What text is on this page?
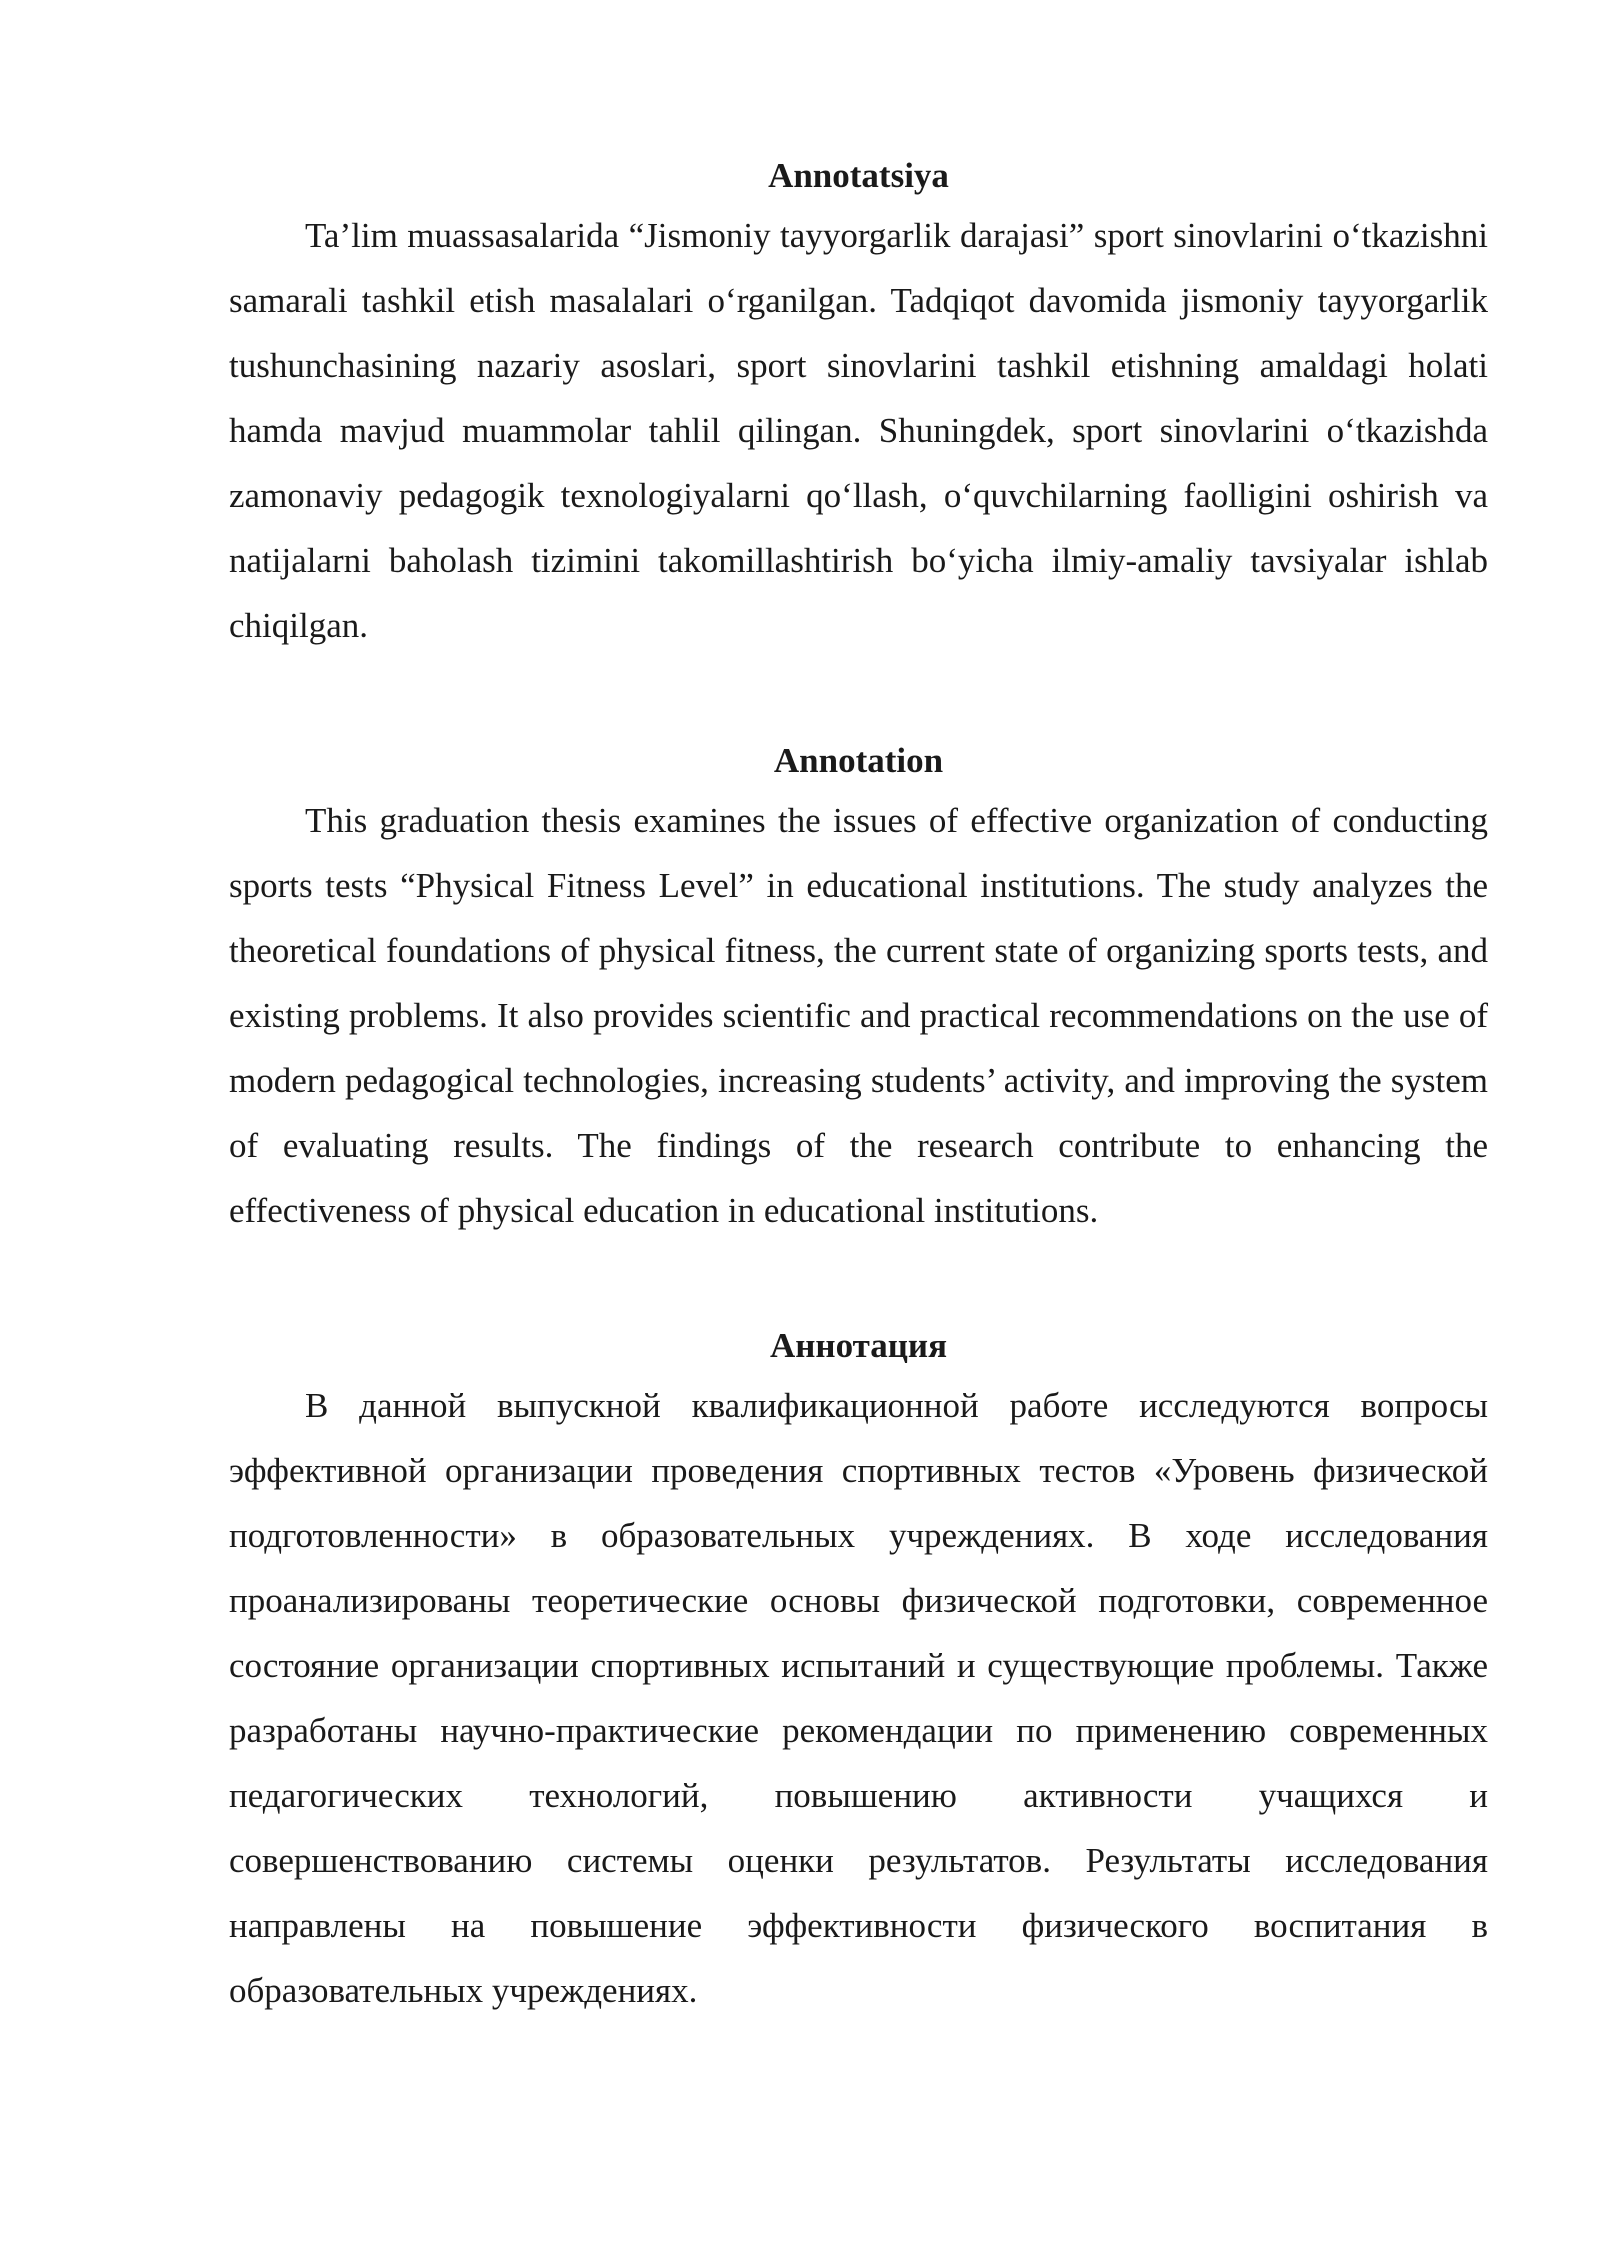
Annotatsiya

Ta’lim muassasalarida “Jismoniy tayyorgarlik darajasi” sport sinovlarini o‘tkazishni samarali tashkil etish masalalari o‘rganilgan. Tadqiqot davomida jismoniy tayyorgarlik tushunchasining nazariy asoslari, sport sinovlarini tashkil etishning amaldagi holati hamda mavjud muammolar tahlil qilingan. Shuningdek, sport sinovlarini o‘tkazishda zamonaviy pedagogik texnologiyalarni qo‘llash, o‘quvchilarning faolligini oshirish va natijalarni baholash tizimini takomillashtirish bo‘yicha ilmiy-amaliy tavsiyalar ishlab chiqilgan.

Annotation

This graduation thesis examines the issues of effective organization of conducting sports tests “Physical Fitness Level” in educational institutions. The study analyzes the theoretical foundations of physical fitness, the current state of organizing sports tests, and existing problems. It also provides scientific and practical recommendations on the use of modern pedagogical technologies, increasing students’ activity, and improving the system of evaluating results. The findings of the research contribute to enhancing the effectiveness of physical education in educational institutions.

Аннотация

В данной выпускной квалификационной работе исследуются вопросы эффективной организации проведения спортивных тестов «Уровень физической подготовленности» в образовательных учреждениях. В ходе исследования проанализированы теоретические основы физической подготовки, современное состояние организации спортивных испытаний и существующие проблемы. Также разработаны научно-практические рекомендации по применению современных педагогических технологий, повышению активности учащихся и совершенствованию системы оценки результатов. Результаты исследования направлены на повышение эффективности физического воспитания в образовательных учреждениях.
